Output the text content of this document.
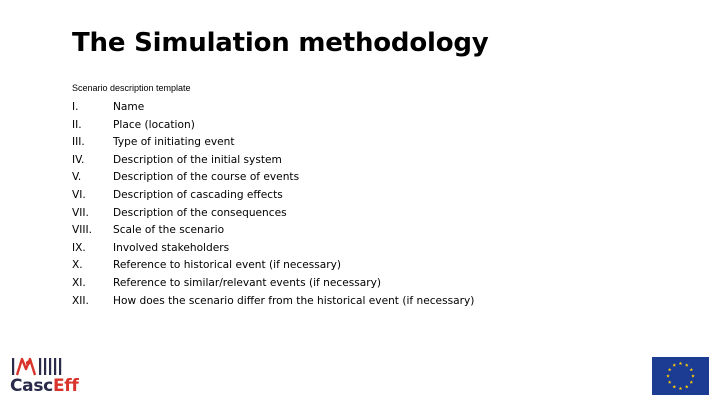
The Simulation methodology
Scenario description template
I.	Name
II.	Place (location)
III.	Type of initiating event
IV.	Description of the initial system
V.	Description of the course of events
VI.	Description of cascading effects
VII.	Description of the consequences
VIII.	Scale of the scenario
IX.	Involved stakeholders
X.	Reference to historical event (if necessary)
XI.	Reference to similar/relevant events (if necessary)
XII.	How does the scenario differ from the historical event (if necessary)
CascEff
